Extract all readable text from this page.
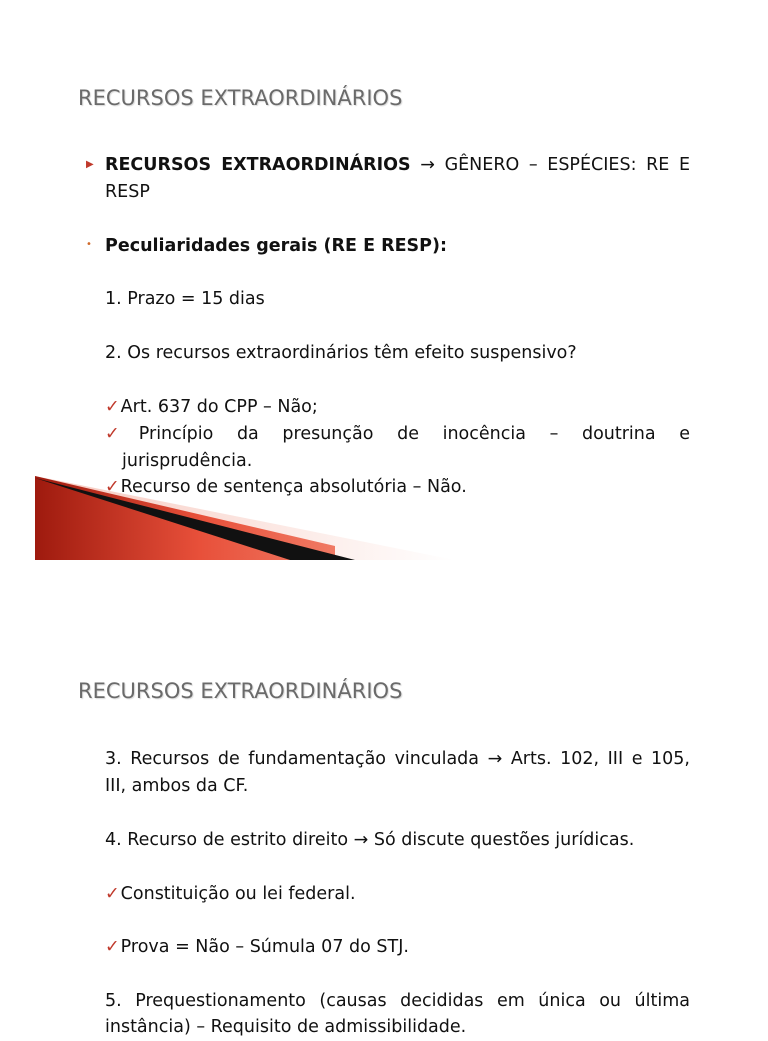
RECURSOS EXTRAORDINÁRIOS
▶ RECURSOS EXTRAORDINÁRIOS → GÊNERO – ESPÉCIES: RE E
RESP
• Peculiaridades gerais (RE E RESP):
1. Prazo = 15 dias
2. Os recursos extraordinários têm efeito suspensivo?
✓Art. 637 do CPP – Não;
✓Princípio da presunção de inocência – doutrina e
jurisprudência.
✓Recurso de sentença absolutória – Não.
RECURSOS EXTRAORDINÁRIOS
3. Recursos de fundamentação vinculada → Arts. 102, III e 105,
III, ambos da CF.
4. Recurso de estrito direito → Só discute questões jurídicas.
✓Constituição ou lei federal.
✓Prova = Não – Súmula 07 do STJ.
5. Prequestionamento (causas decididas em única ou última
instância) – Requisito de admissibilidade.
